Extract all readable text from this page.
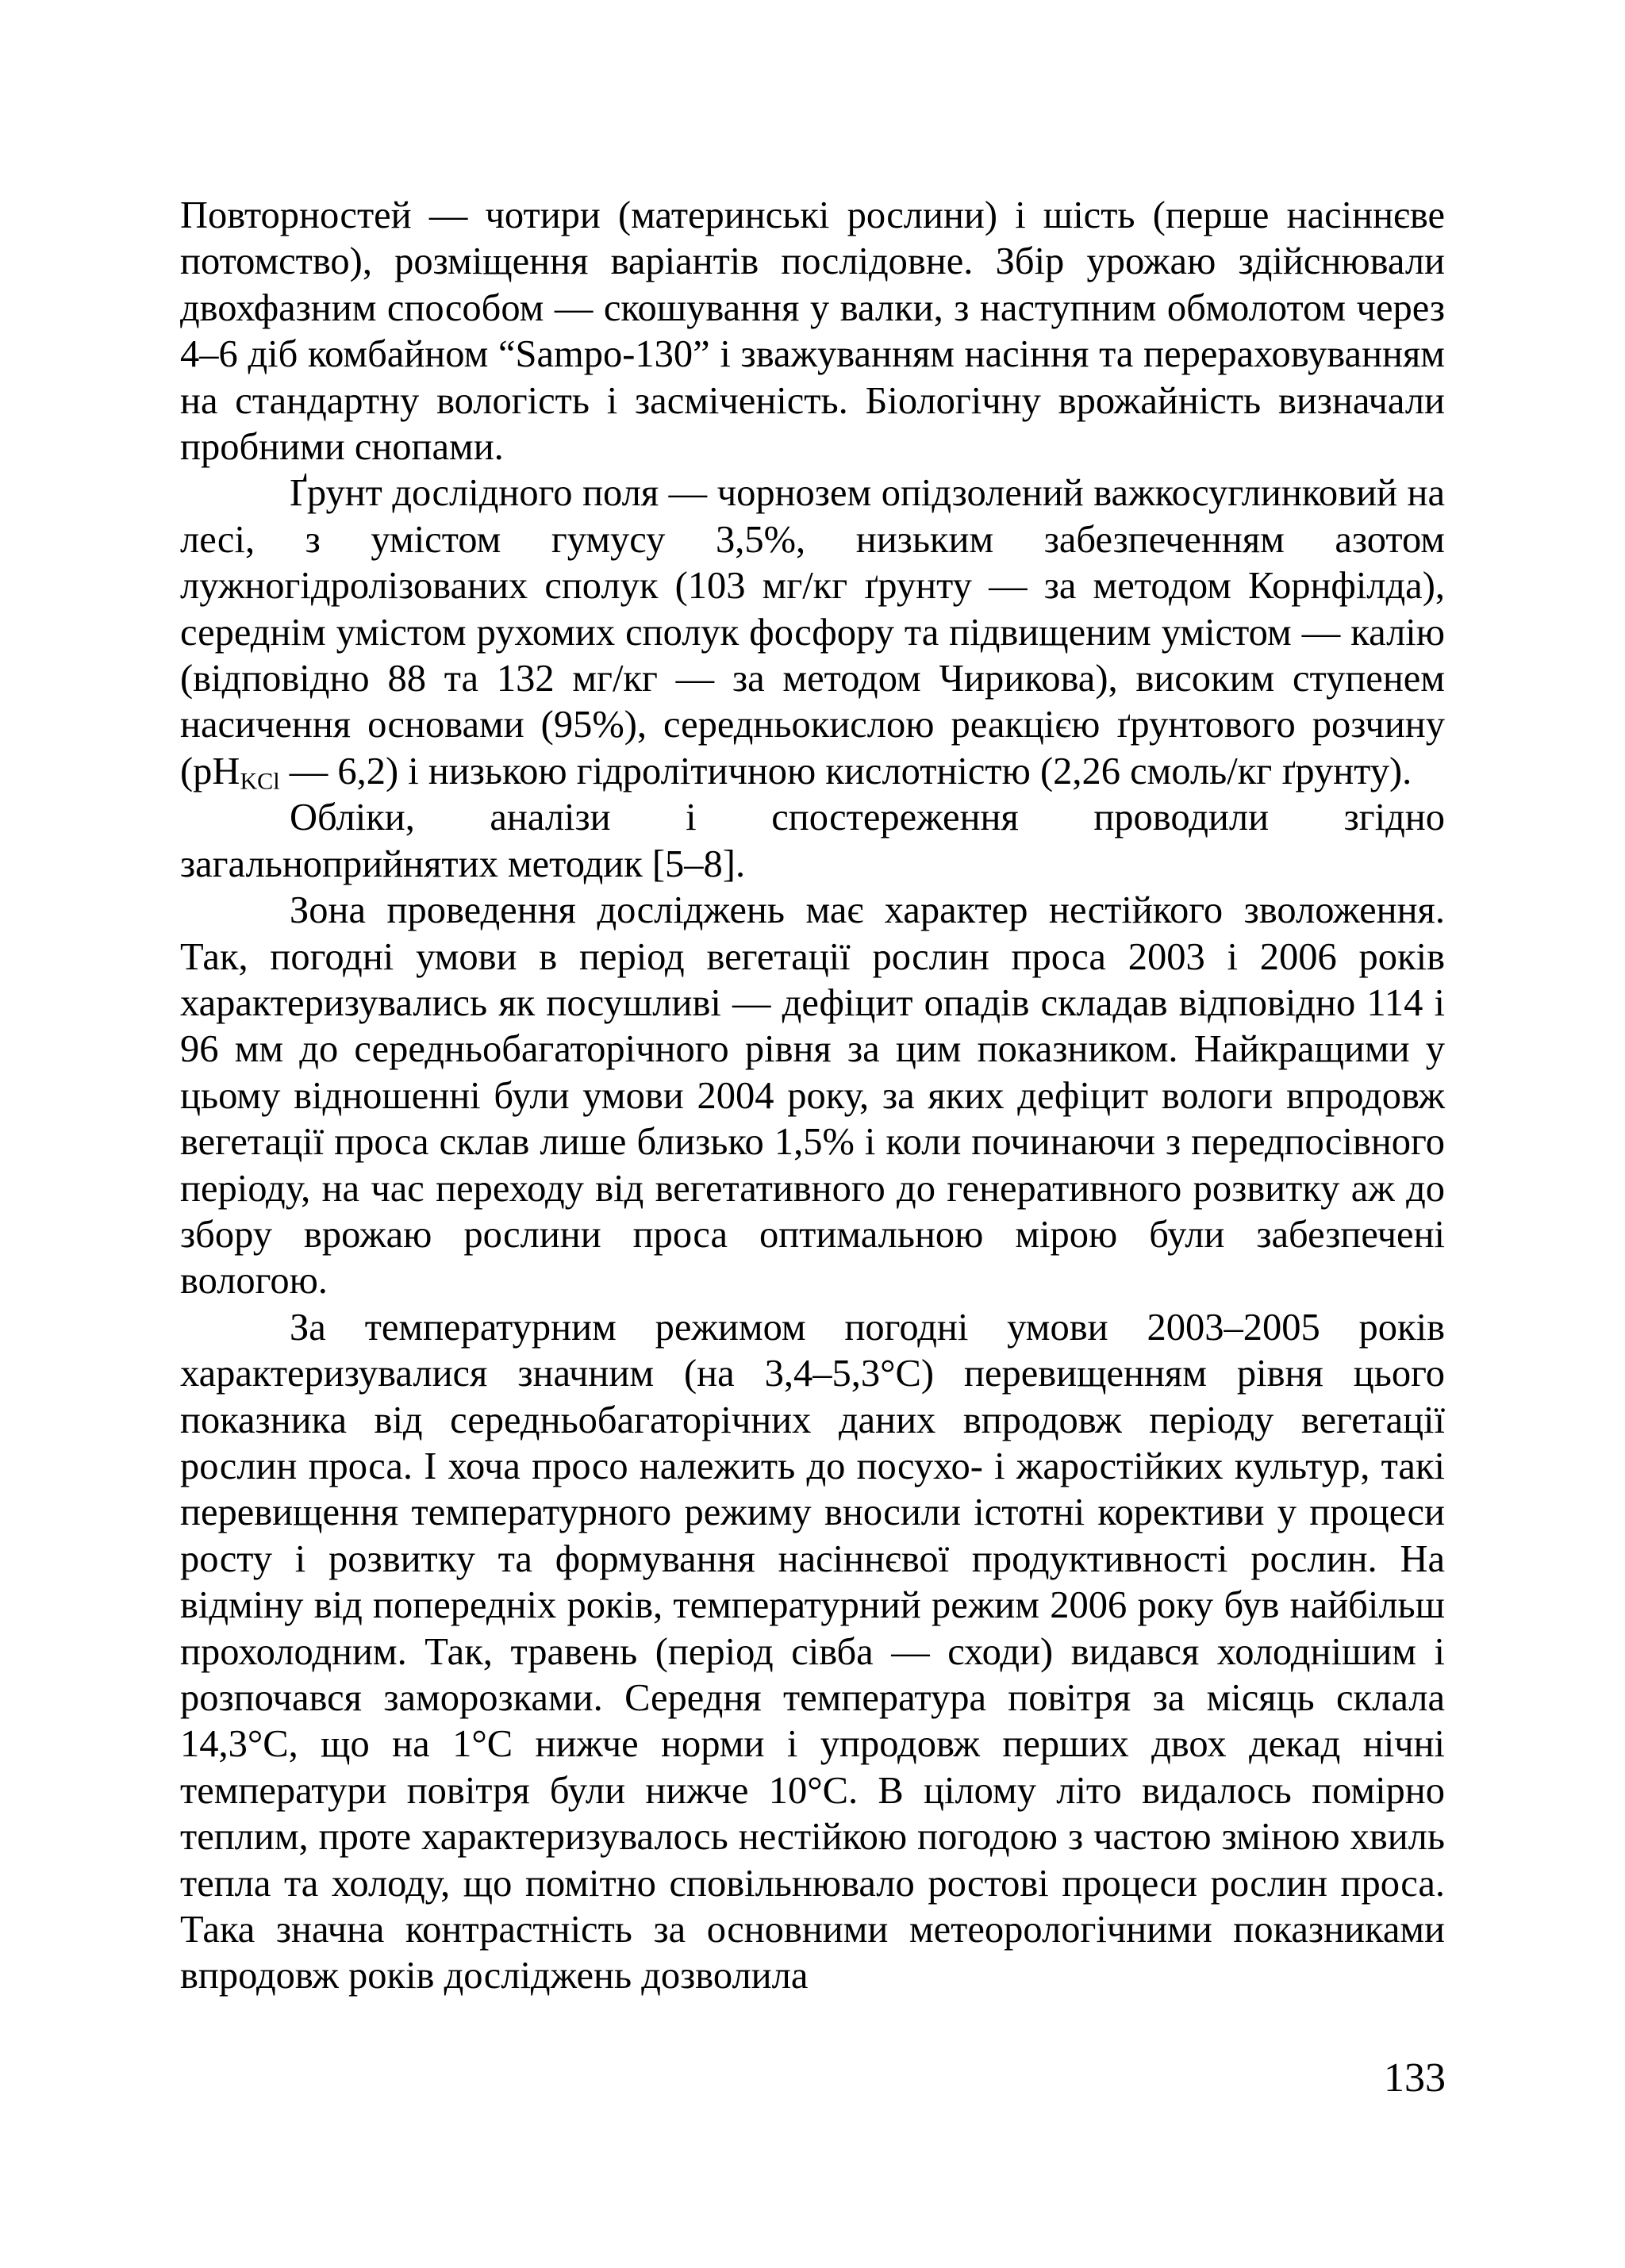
Повторностей — чотири (материнські рослини) і шість (перше насіннєве потомство), розміщення варіантів послідовне. Збір урожаю здійснювали двохфазним способом — скошування у валки, з наступним обмолотом через 4–6 діб комбайном “Sampo-130” і зважуванням насіння та перераховуванням на стандартну вологість і засміченість. Біологічну врожайність визначали пробними снопами.

Ґрунт дослідного поля — чорнозем опідзолений важкосуглинковий на лесі, з умістом гумусу 3,5%, низьким забезпеченням азотом лужногідролізованих сполук (103 мг/кг ґрунту — за методом Корнфілда), середнім умістом рухомих сполук фосфору та підвищеним умістом — калію (відповідно 88 та 132 мг/кг — за методом Чирикова), високим ступенем насичення основами (95%), середньокислою реакцією ґрунтового розчину ($pH_{KCl}$ — 6,2) і низькою гідролітичною кислотністю (2,26 смоль/кг ґрунту).

Обліки, аналізи і спостереження проводили згідно загальноприйнятих методик [5–8].

Зона проведення досліджень має характер нестійкого зволоження. Так, погодні умови в період вегетації рослин проса 2003 і 2006 років характеризувались як посушливі — дефіцит опадів складав відповідно 114 і 96 мм до середньобагаторічного рівня за цим показником. Найкращими у цьому відношенні були умови 2004 року, за яких дефіцит вологи впродовж вегетації проса склав лише близько 1,5% і коли починаючи з передпосівного періоду, на час переходу від вегетативного до генеративного розвитку аж до збору врожаю рослини проса оптимальною мірою були забезпечені вологою.

За температурним режимом погодні умови 2003–2005 років характеризувалися значним (на 3,4–5,3°С) перевищенням рівня цього показника від середньобагаторічних даних впродовж періоду вегетації рослин проса. І хоча просо належить до посухо- і жаростійких культур, такі перевищення температурного режиму вносили істотні корективи у процеси росту і розвитку та формування насіннєвої продуктивності рослин. На відміну від попередніх років, температурний режим 2006 року був найбільш прохолодним. Так, травень (період сівба — сходи) видався холоднішим і розпочався заморозками. Середня температура повітря за місяць склала 14,3°С, що на 1°С нижче норми і упродовж перших двох декад нічні температури повітря були нижче 10°С. В цілому літо видалось помірно теплим, проте характеризувалось нестійкою погодою з частою зміною хвиль тепла та холоду, що помітно сповільнювало ростові процеси рослин проса. Така значна контрастність за основними метеорологічними показниками впродовж років досліджень дозволила

133
